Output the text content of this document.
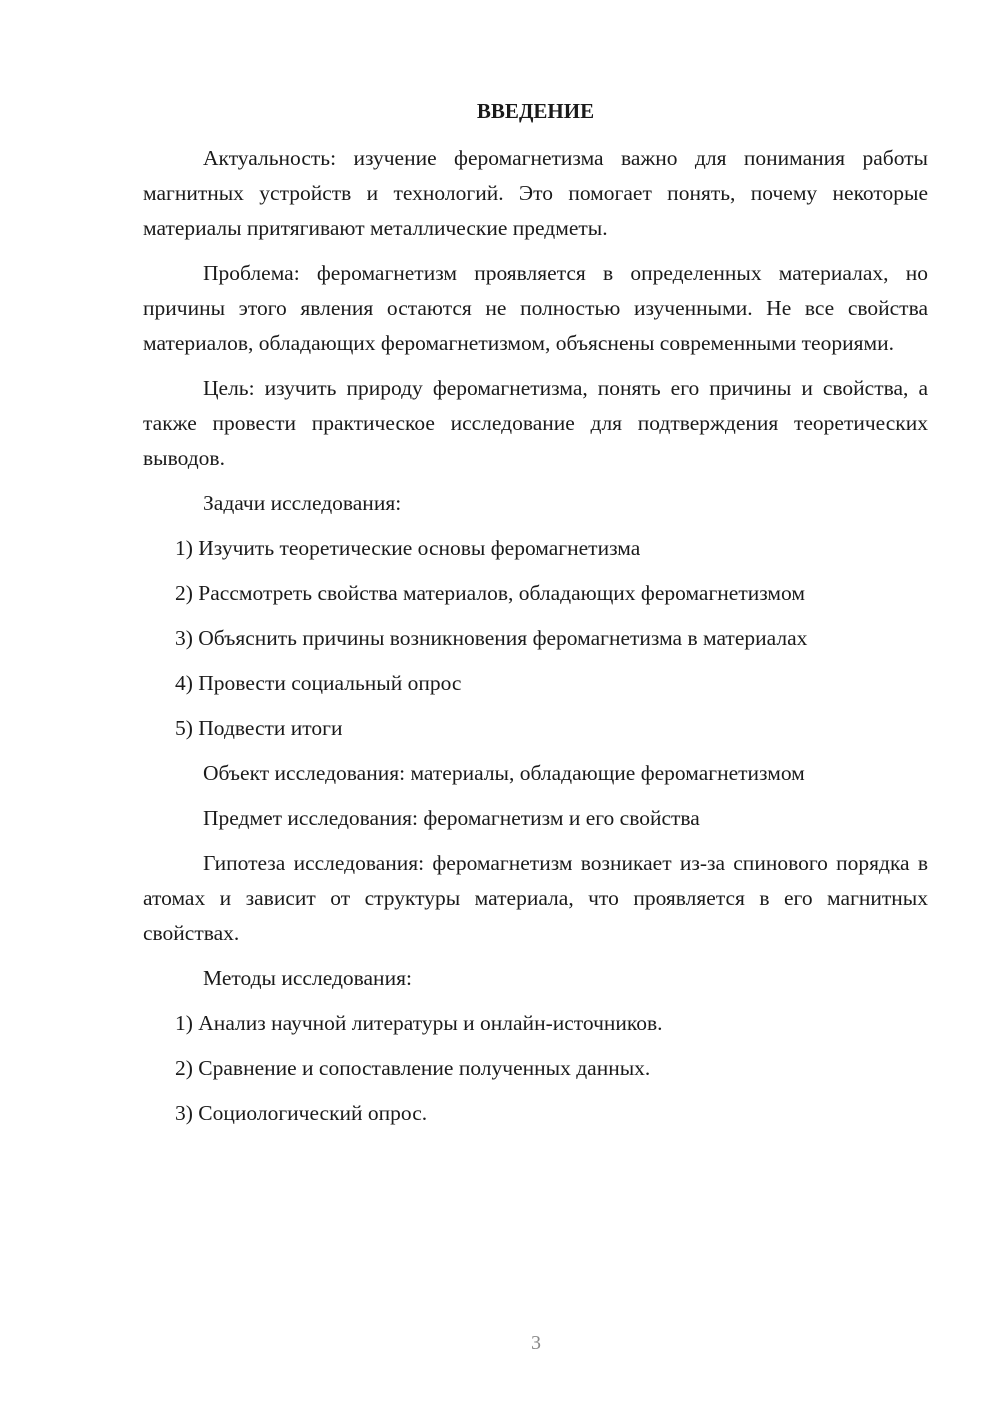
ВВЕДЕНИЕ

Актуальность: изучение феромагнетизма важно для понимания работы магнитных устройств и технологий. Это помогает понять, почему некоторые материалы притягивают металлические предметы.

Проблема: феромагнетизм проявляется в определенных материалах, но причины этого явления остаются не полностью изученными. Не все свойства материалов, обладающих феромагнетизмом, объяснены современными теориями.

Цель: изучить природу феромагнетизма, понять его причины и свойства, а также провести практическое исследование для подтверждения теоретических выводов.

Задачи исследования:

1) Изучить теоретические основы феромагнетизма

2) Рассмотреть свойства материалов, обладающих феромагнетизмом

3) Объяснить причины возникновения феромагнетизма в материалах

4) Провести социальный опрос

5) Подвести итоги

Объект исследования: материалы, обладающие феромагнетизмом

Предмет исследования: феромагнетизм и его свойства

Гипотеза исследования: феромагнетизм возникает из-за спинового порядка в атомах и зависит от структуры материала, что проявляется в его магнитных свойствах.

Методы исследования:

1) Анализ научной литературы и онлайн-источников.

2) Сравнение и сопоставление полученных данных.

3) Социологический опрос.

3
